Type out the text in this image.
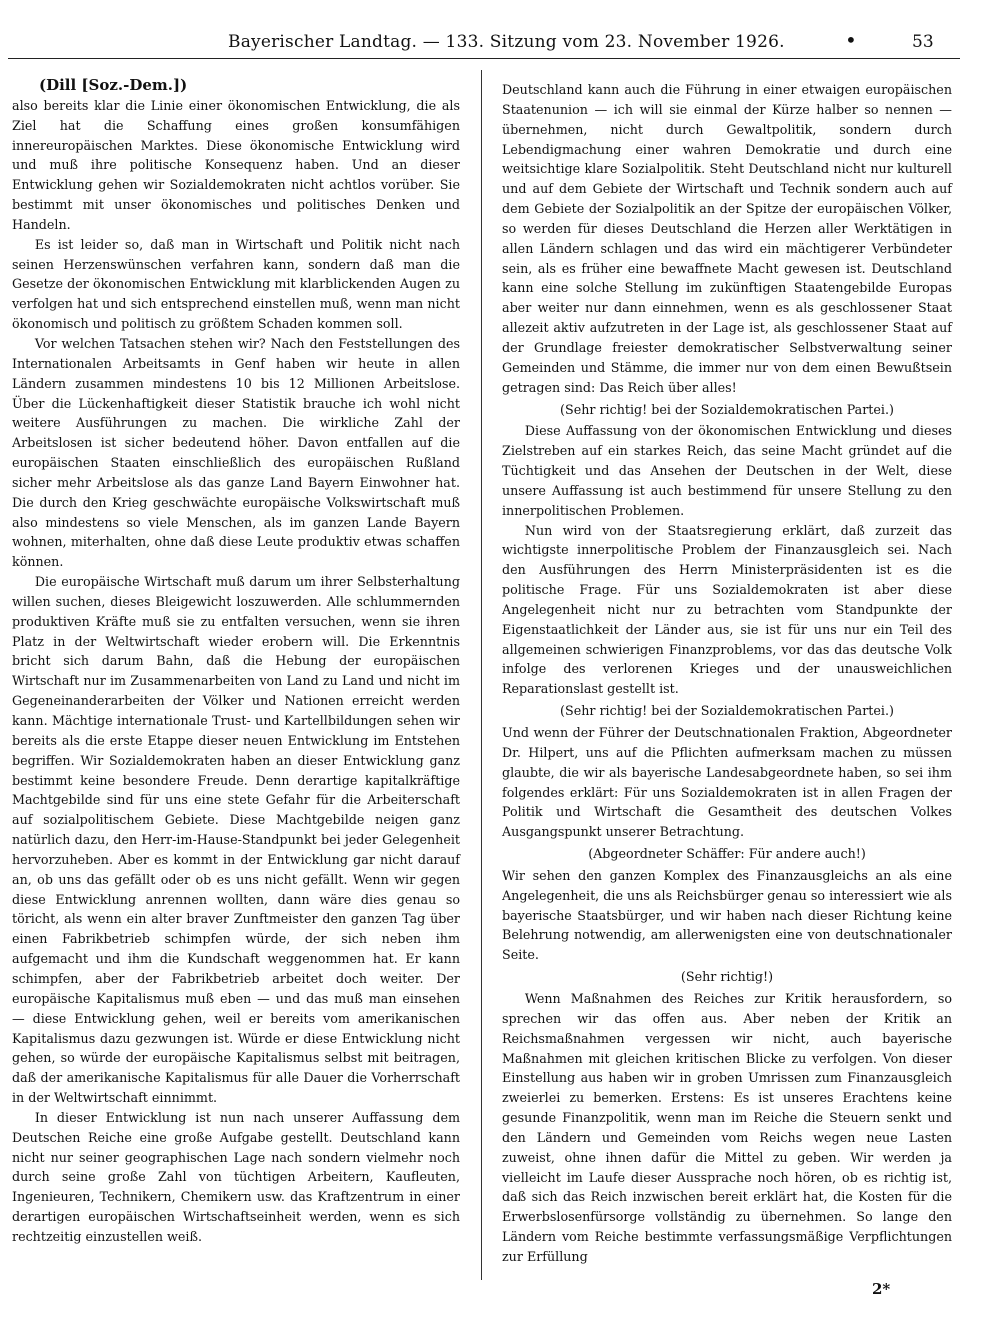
Bayerischer Landtag. — 133. Sitzung vom 23. November 1926.	•	53

(Dill [Soz.-Dem.])

also bereits klar die Linie einer ökonomischen Entwicklung, die als Ziel hat die Schaffung eines großen konsumfähigen innereuropäischen Marktes. Diese ökonomische Entwicklung wird und muß ihre politische Konsequenz haben. Und an dieser Entwicklung gehen wir Sozialdemokraten nicht achtlos vorüber. Sie bestimmt mit unser ökonomisches und politisches Denken und Handeln.

Es ist leider so, daß man in Wirtschaft und Politik nicht nach seinen Herzenswünschen verfahren kann, sondern daß man die Gesetze der ökonomischen Entwicklung mit klarblickenden Augen zu verfolgen hat und sich entsprechend einstellen muß, wenn man nicht ökonomisch und politisch zu größtem Schaden kommen soll.

Vor welchen Tatsachen stehen wir? Nach den Feststellungen des Internationalen Arbeitsamts in Genf haben wir heute in allen Ländern zusammen mindestens 10 bis 12 Millionen Arbeitslose. Über die Lückenhaftigkeit dieser Statistik brauche ich wohl nicht weitere Ausführungen zu machen. Die wirkliche Zahl der Arbeitslosen ist sicher bedeutend höher. Davon entfallen auf die europäischen Staaten einschließlich des europäischen Rußland sicher mehr Arbeitslose als das ganze Land Bayern Einwohner hat. Die durch den Krieg geschwächte europäische Volkswirtschaft muß also mindestens so viele Menschen, als im ganzen Lande Bayern wohnen, miterhalten, ohne daß diese Leute produktiv etwas schaffen können.

Die europäische Wirtschaft muß darum um ihrer Selbsterhaltung willen suchen, dieses Bleigewicht loszuwerden. Alle schlummernden produktiven Kräfte muß sie zu entfalten versuchen, wenn sie ihren Platz in der Weltwirtschaft wieder erobern will. Die Erkenntnis bricht sich darum Bahn, daß die Hebung der europäischen Wirtschaft nur im Zusammenarbeiten von Land zu Land und nicht im Gegeneinanderarbeiten der Völker und Nationen erreicht werden kann. Mächtige internationale Trust- und Kartellbildungen sehen wir bereits als die erste Etappe dieser neuen Entwicklung im Entstehen begriffen. Wir Sozialdemokraten haben an dieser Entwicklung ganz bestimmt keine besondere Freude. Denn derartige kapitalkräftige Machtgebilde sind für uns eine stete Gefahr für die Arbeiterschaft auf sozialpolitischem Gebiete. Diese Machtgebilde neigen ganz natürlich dazu, den Herr-im-Hause-Standpunkt bei jeder Gelegenheit hervorzuheben. Aber es kommt in der Entwicklung gar nicht darauf an, ob uns das gefällt oder ob es uns nicht gefällt. Wenn wir gegen diese Entwicklung anrennen wollten, dann wäre dies genau so töricht, als wenn ein alter braver Zunftmeister den ganzen Tag über einen Fabrikbetrieb schimpfen würde, der sich neben ihm aufgemacht und ihm die Kundschaft weggenommen hat. Er kann schimpfen, aber der Fabrikbetrieb arbeitet doch weiter. Der europäische Kapitalismus muß eben — und das muß man einsehen — diese Entwicklung gehen, weil er bereits vom amerikanischen Kapitalismus dazu gezwungen ist. Würde er diese Entwicklung nicht gehen, so würde der europäische Kapitalismus selbst mit beitragen, daß der amerikanische Kapitalismus für alle Dauer die Vorherrschaft in der Weltwirtschaft einnimmt.

In dieser Entwicklung ist nun nach unserer Auffassung dem Deutschen Reiche eine große Aufgabe gestellt. Deutschland kann nicht nur seiner geographischen Lage nach sondern vielmehr noch durch seine große Zahl von tüchtigen Arbeitern, Kaufleuten, Ingenieuren, Technikern, Chemikern usw. das Kraftzentrum in einer derartigen europäischen Wirtschaftseinheit werden, wenn es sich rechtzeitig einzustellen weiß.

Deutschland kann auch die Führung in einer etwaigen europäischen Staatenunion — ich will sie einmal der Kürze halber so nennen — übernehmen, nicht durch Gewaltpolitik, sondern durch Lebendigmachung einer wahren Demokratie und durch eine weitsichtige klare Sozialpolitik. Steht Deutschland nicht nur kulturell und auf dem Gebiete der Wirtschaft und Technik sondern auch auf dem Gebiete der Sozialpolitik an der Spitze der europäischen Völker, so werden für dieses Deutschland die Herzen aller Werktätigen in allen Ländern schlagen und das wird ein mächtigerer Verbündeter sein, als es früher eine bewaffnete Macht gewesen ist. Deutschland kann eine solche Stellung im zukünftigen Staatengebilde Europas aber weiter nur dann einnehmen, wenn es als geschlossener Staat allezeit aktiv aufzutreten in der Lage ist, als geschlossener Staat auf der Grundlage freiester demokratischer Selbstverwaltung seiner Gemeinden und Stämme, die immer nur von dem einen Bewußtsein getragen sind: Das Reich über alles!

(Sehr richtig! bei der Sozialdemokratischen Partei.)

Diese Auffassung von der ökonomischen Entwicklung und dieses Zielstreben auf ein starkes Reich, das seine Macht gründet auf die Tüchtigkeit und das Ansehen der Deutschen in der Welt, diese unsere Auffassung ist auch bestimmend für unsere Stellung zu den innerpolitischen Problemen.

Nun wird von der Staatsregierung erklärt, daß zurzeit das wichtigste innerpolitische Problem der Finanzausgleich sei. Nach den Ausführungen des Herrn Ministerpräsidenten ist es die politische Frage. Für uns Sozialdemokraten ist aber diese Angelegenheit nicht nur zu betrachten vom Standpunkte der Eigenstaatlichkeit der Länder aus, sie ist für uns nur ein Teil des allgemeinen schwierigen Finanzproblems, vor das das deutsche Volk infolge des verlorenen Krieges und der unausweichlichen Reparationslast gestellt ist.

(Sehr richtig! bei der Sozialdemokratischen Partei.)

Und wenn der Führer der Deutschnationalen Fraktion, Abgeordneter Dr. Hilpert, uns auf die Pflichten aufmerksam machen zu müssen glaubte, die wir als bayerische Landesabgeordnete haben, so sei ihm folgendes erklärt: Für uns Sozialdemokraten ist in allen Fragen der Politik und Wirtschaft die Gesamtheit des deutschen Volkes Ausgangspunkt unserer Betrachtung.

(Abgeordneter Schäffer: Für andere auch!)

Wir sehen den ganzen Komplex des Finanzausgleichs an als eine Angelegenheit, die uns als Reichsbürger genau so interessiert wie als bayerische Staatsbürger, und wir haben nach dieser Richtung keine Belehrung notwendig, am allerwenigsten eine von deutschnationaler Seite.

(Sehr richtig!)

Wenn Maßnahmen des Reiches zur Kritik herausfordern, so sprechen wir das offen aus. Aber neben der Kritik an Reichsmaßnahmen vergessen wir nicht, auch bayerische Maßnahmen mit gleichen kritischen Blicke zu verfolgen. Von dieser Einstellung aus haben wir in groben Umrissen zum Finanzausgleich zweierlei zu bemerken. Erstens: Es ist unseres Erachtens keine gesunde Finanzpolitik, wenn man im Reiche die Steuern senkt und den Ländern und Gemeinden vom Reichs wegen neue Lasten zuweist, ohne ihnen dafür die Mittel zu geben. Wir werden ja vielleicht im Laufe dieser Aussprache noch hören, ob es richtig ist, daß sich das Reich inzwischen bereit erklärt hat, die Kosten für die Erwerbslosenfürsorge vollständig zu übernehmen. So lange den Ländern vom Reiche bestimmte verfassungsmäßige Verpflichtungen zur Erfüllung

2*
